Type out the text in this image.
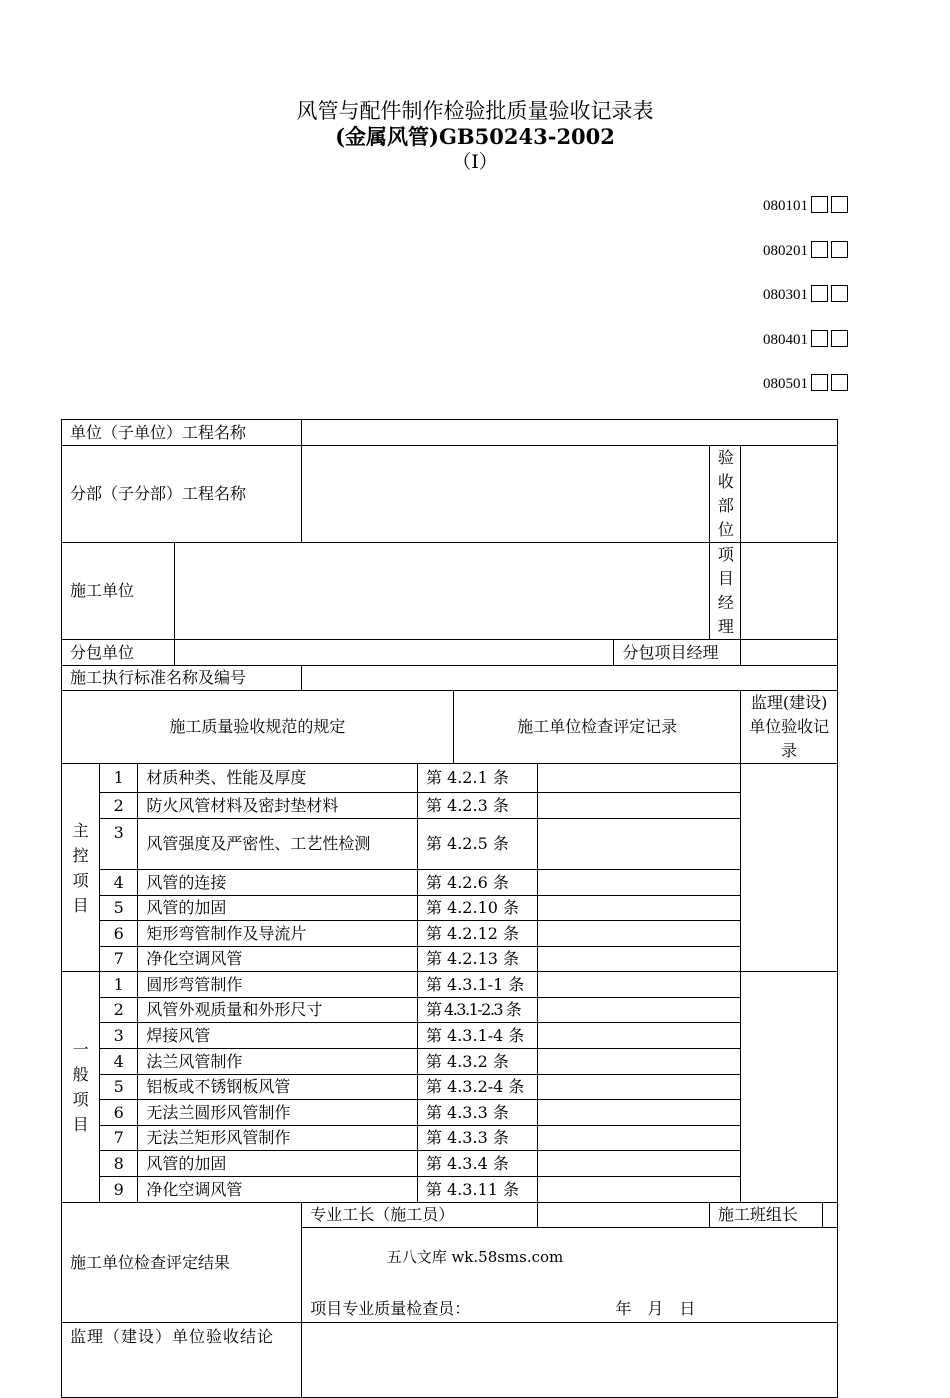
风管与配件制作检验批质量验收记录表
(金属风管)GB50243-2002
（Ⅰ）
080101
080201
080301
080401
080501
单位（子单位）工程名称										
分部（子分部）工程名称									验收部位	
施工单位									项目经理	
分包单位								分包项目经理		
施工执行标准名称及编号										
施工质量验收规范的规定						施工单位检查评定记录				监理(建设)单位验收记录
主控项目	1	材质种类、性能及厚度			第 4.2.1 条					
	2	防火风管材料及密封垫材料			第 4.2.3 条					
	3	风管强度及严密性、工艺性检测			第 4.2.5 条					
	4	风管的连接			第 4.2.6 条					
	5	风管的加固			第 4.2.10 条					
	6	矩形弯管制作及导流片			第 4.2.12 条					
	7	净化空调风管			第 4.2.13 条					
一般项目	1	圆形弯管制作			第 4.3.1-1 条					
	2	风管外观质量和外形尺寸			第 4.3.1-2.3 条					
	3	焊接风管			第 4.3.1-4 条					
	4	法兰风管制作			第 4.3.2 条					
	5	铝板或不锈钢板风管			第 4.3.2-4 条					
	6	无法兰圆形风管制作			第 4.3.3 条					
	7	无法兰矩形风管制作			第 4.3.3 条					
	8	风管的加固			第 4.3.4 条					
	9	净化空调风管			第 4.3.11 条					
施工单位检查评定结果				专业工长（施工员）					施工班组长	
				项目专业质量检查员： 年　月　日						
监理（建设）单位验收结论										
五八文库 wk.58sms.com
